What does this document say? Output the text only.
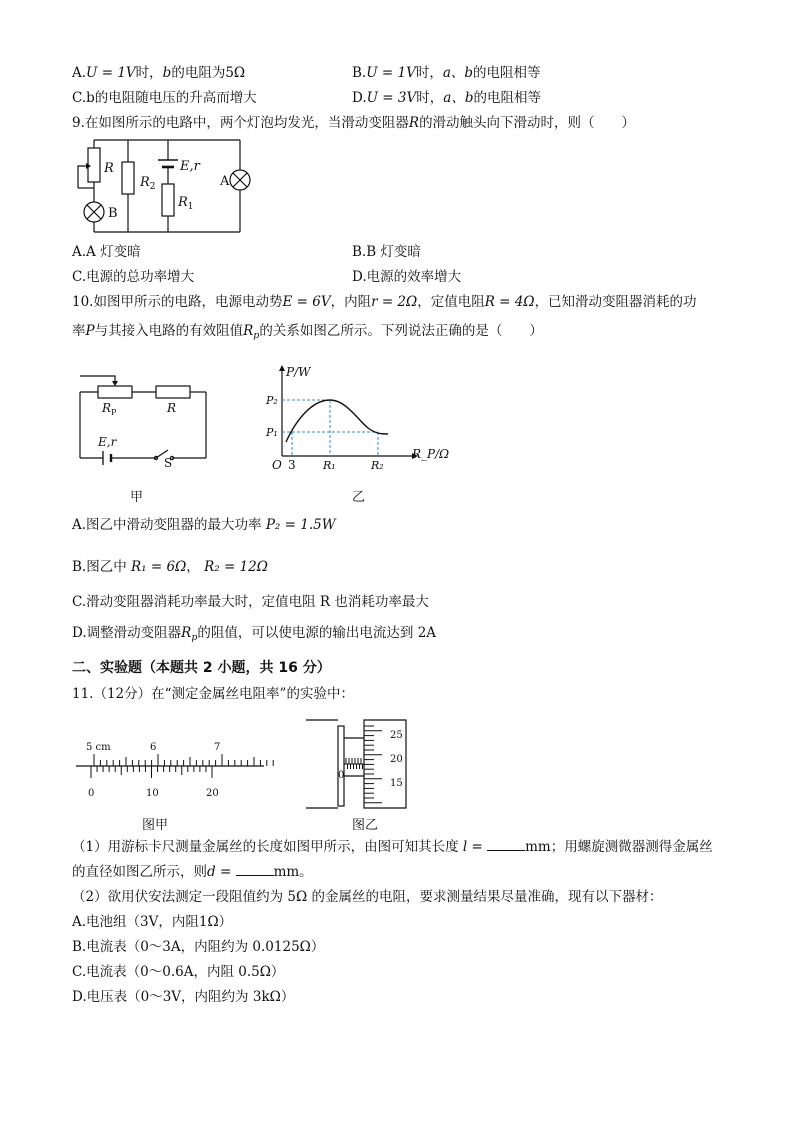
A.U = 1V时，b的电阻为5Ω	B.U = 1V时，a、b的电阻相等
C.b的电阻随电压的升高而增大	D.U = 3V时，a、b的电阻相等
9.在如图所示的电路中，两个灯泡均发光，当滑动变阻器R的滑动触头向下滑动时，则（　　）
R
$R_2$
E,r
$R_1$
A
B
A.A 灯变暗	B.B 灯变暗
C.电源的总功率增大	D.电源的效率增大
10.如图甲所示的电路，电源电动势E = 6V，内阻r = 2Ω，定值电阻R = 4Ω，已知滑动变阻器消耗的功
率P与其接入电路的有效阻值$R_p$的关系如图乙所示。下列说法正确的是（　　）
$R_P$	R
E,r
S
甲
P/W
R_P/Ω
P₂
P₁
O 3 R₁	R₂
乙
A.图乙中滑动变阻器的最大功率 P₂ = 1.5W
B.图乙中 R₁ = 6Ω， R₂ = 12Ω
C.滑动变阻器消耗功率最大时，定值电阻 R 也消耗功率最大
D.调整滑动变阻器$R_p$的阻值，可以使电源的输出电流达到 2A
二、实验题（本题共 2 小题，共 16 分）
11.（12分）在“测定金属丝电阻率”的实验中：
5 cm	6	7
0	10	20
图甲
25
20
15
0
图乙
（1）用游标卡尺测量金属丝的长度如图甲所示，由图可知其长度 l =	mm；用螺旋测微器测得金属丝
的直径如图乙所示，则d =	mm。
（2）欲用伏安法测定一段阻值约为 5Ω 的金属丝的电阻，要求测量结果尽量准确，现有以下器材：
A.电池组（3V，内阻1Ω）
B.电流表（0～3A，内阻约为 0.0125Ω）
C.电流表（0～0.6A，内阻 0.5Ω）
D.电压表（0～3V，内阻约为 3kΩ）
